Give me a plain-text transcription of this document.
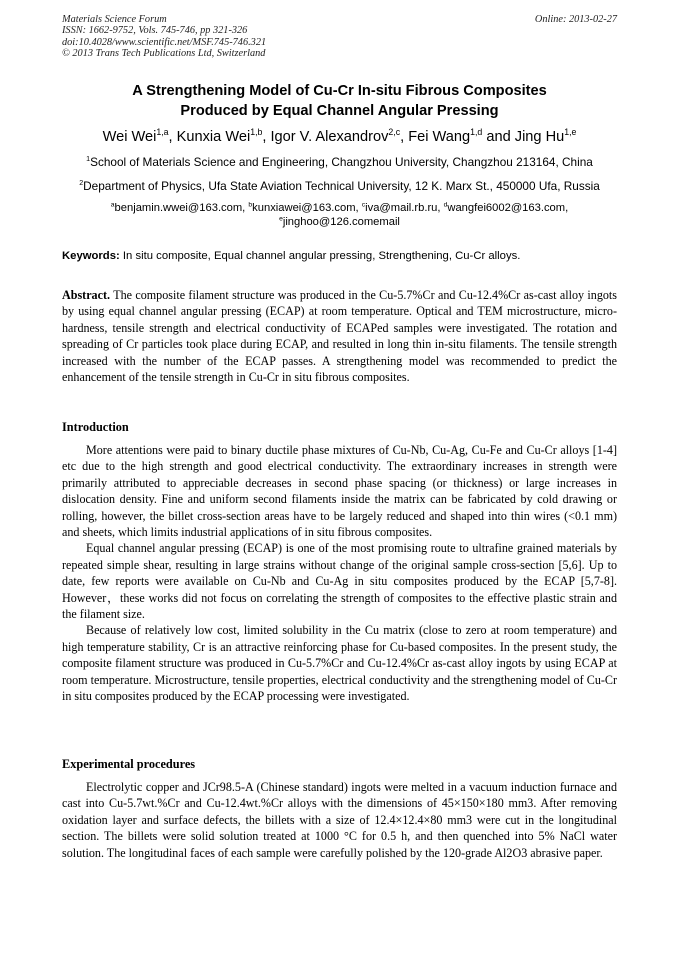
Materials Science Forum
ISSN: 1662-9752, Vols. 745-746, pp 321-326
doi:10.4028/www.scientific.net/MSF.745-746.321
© 2013 Trans Tech Publications Ltd, Switzerland
Online: 2013-02-27
A Strengthening Model of Cu-Cr In-situ Fibrous Composites
Produced by Equal Channel Angular Pressing
Wei Wei$^{1,a}$, Kunxia Wei$^{1,b}$, Igor V. Alexandrov$^{2,c}$, Fei Wang$^{1,d}$ and Jing Hu$^{1,e}$
$^1$School of Materials Science and Engineering, Changzhou University, Changzhou 213164, China
$^2$Department of Physics, Ufa State Aviation Technical University, 12 K. Marx St., 450000 Ufa, Russia
$^a$benjamin.wwei@163.com, $^b$kunxiawei@163.com, $^c$iva@mail.rb.ru, $^d$wangfei6002@163.com,
$^e$jinghoo@126.comemail
Keywords: In situ composite, Equal channel angular pressing, Strengthening, Cu-Cr alloys.

Abstract. The composite filament structure was produced in the Cu-5.7%Cr and Cu-12.4%Cr as-cast alloy ingots by using equal channel angular pressing (ECAP) at room temperature. Optical and TEM microstructure, micro-hardness, tensile strength and electrical conductivity of ECAPed samples were investigated. The rotation and spreading of Cr particles took place during ECAP, and resulted in long thin in-situ filaments. The tensile strength increased with the number of the ECAP passes. A strengthening model was recommended to predict the enhancement of the tensile strength in Cu-Cr in situ fibrous composites.

Introduction

More attentions were paid to binary ductile phase mixtures of Cu-Nb, Cu-Ag, Cu-Fe and Cu-Cr alloys [1-4] etc due to the high strength and good electrical conductivity. The extraordinary increases in strength were primarily attributed to appreciable decreases in second phase spacing (or thickness) or large increases in dislocation density. Fine and uniform second filaments inside the matrix can be fabricated by cold drawing or rolling, however, the billet cross-section areas have to be largely reduced and shaped into thin wires (<0.1 mm) and sheets, which limits industrial applications of in situ fibrous composites.

Equal channel angular pressing (ECAP) is one of the most promising route to ultrafine grained materials by repeated simple shear, resulting in large strains without change of the original sample cross-section [5,6]. Up to date, few reports were available on Cu-Nb and Cu-Ag in situ composites produced by the ECAP [5,7-8]. However，these works did not focus on correlating the strength of composites to the effective plastic strain and the filament size.

Because of relatively low cost, limited solubility in the Cu matrix (close to zero at room temperature) and high temperature stability, Cr is an attractive reinforcing phase for Cu-based composites. In the present study, the composite filament structure was produced in Cu-5.7%Cr and Cu-12.4%Cr as-cast alloy ingots by using ECAP at room temperature. Microstructure, tensile properties, electrical conductivity and the strengthening model of Cu-Cr in situ composites produced by the ECAP processing were investigated.

Experimental procedures

Electrolytic copper and JCr98.5-A (Chinese standard) ingots were melted in a vacuum induction furnace and cast into Cu-5.7wt.%Cr and Cu-12.4wt.%Cr alloys with the dimensions of 45×150×180 mm3. After removing oxidation layer and surface defects, the billets with a size of 12.4×12.4×80 mm3 were cut in the longitudinal section. The billets were solid solution treated at 1000 °C for 0.5 h, and then quenched into 5% NaCl water solution. The longitudinal faces of each sample were carefully polished by the 120-grade Al2O3 abrasive paper.
